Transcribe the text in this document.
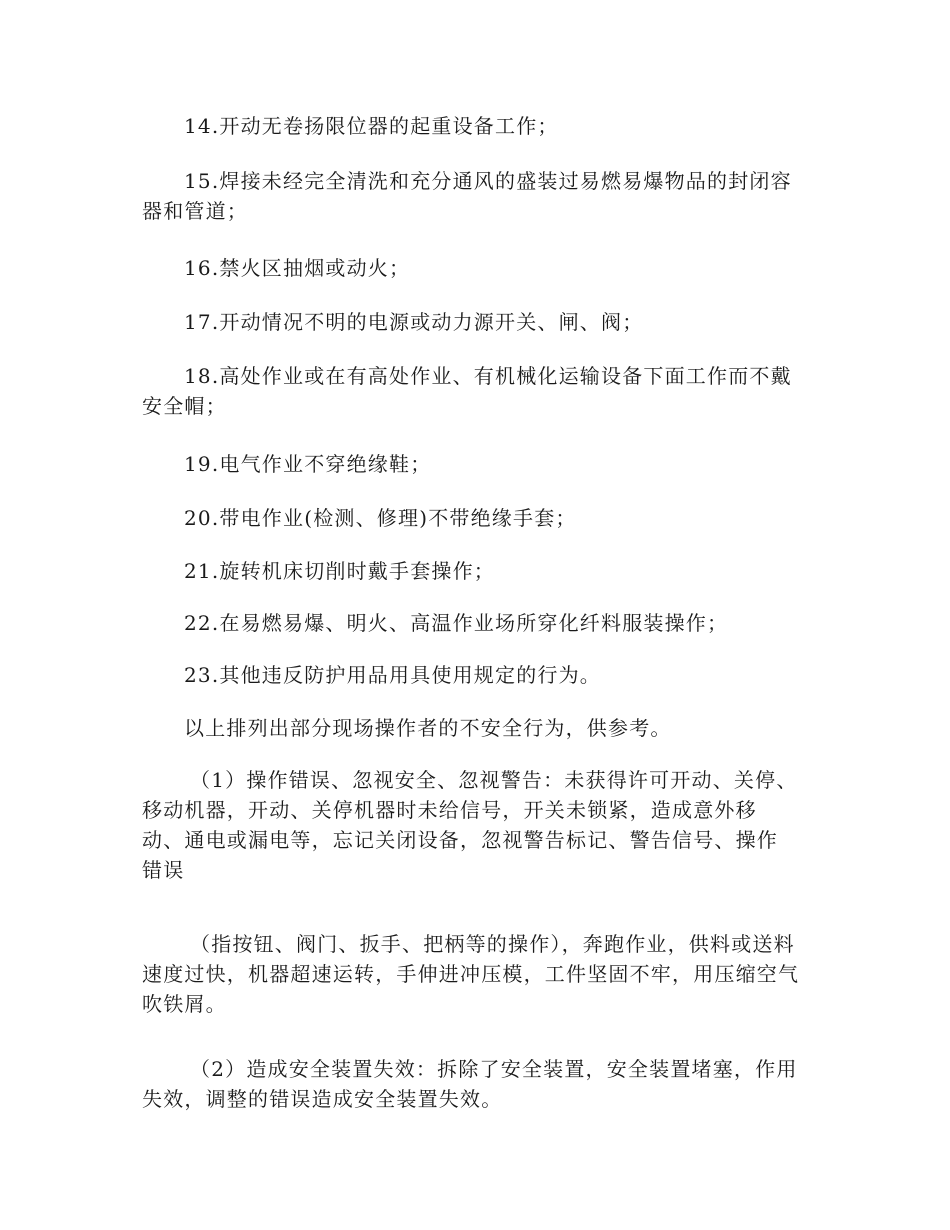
14.开动无卷扬限位器的起重设备工作；

15.焊接未经完全清洗和充分通风的盛装过易燃易爆物品的封闭容器和管道；

16.禁火区抽烟或动火；

17.开动情况不明的电源或动力源开关、闸、阀；

18.高处作业或在有高处作业、有机械化运输设备下面工作而不戴安全帽；

19.电气作业不穿绝缘鞋；

20.带电作业(检测、修理)不带绝缘手套；

21.旋转机床切削时戴手套操作；

22.在易燃易爆、明火、高温作业场所穿化纤料服装操作；

23.其他违反防护用品用具使用规定的行为。

以上排列出部分现场操作者的不安全行为，供参考。

（1）操作错误、忽视安全、忽视警告：未获得许可开动、关停、
移动机器，开动、关停机器时未给信号，开关未锁紧，造成意外移
动、通电或漏电等，忘记关闭设备，忽视警告标记、警告信号、操作
错误

（指按钮、阀门、扳手、把柄等的操作），奔跑作业，供料或送料速度过快，机器超速运转，手伸进冲压模，工件坚固不牢，用压缩空气吹铁屑。

（2）造成安全装置失效：拆除了安全装置，安全装置堵塞，作用失效，调整的错误造成安全装置失效。
